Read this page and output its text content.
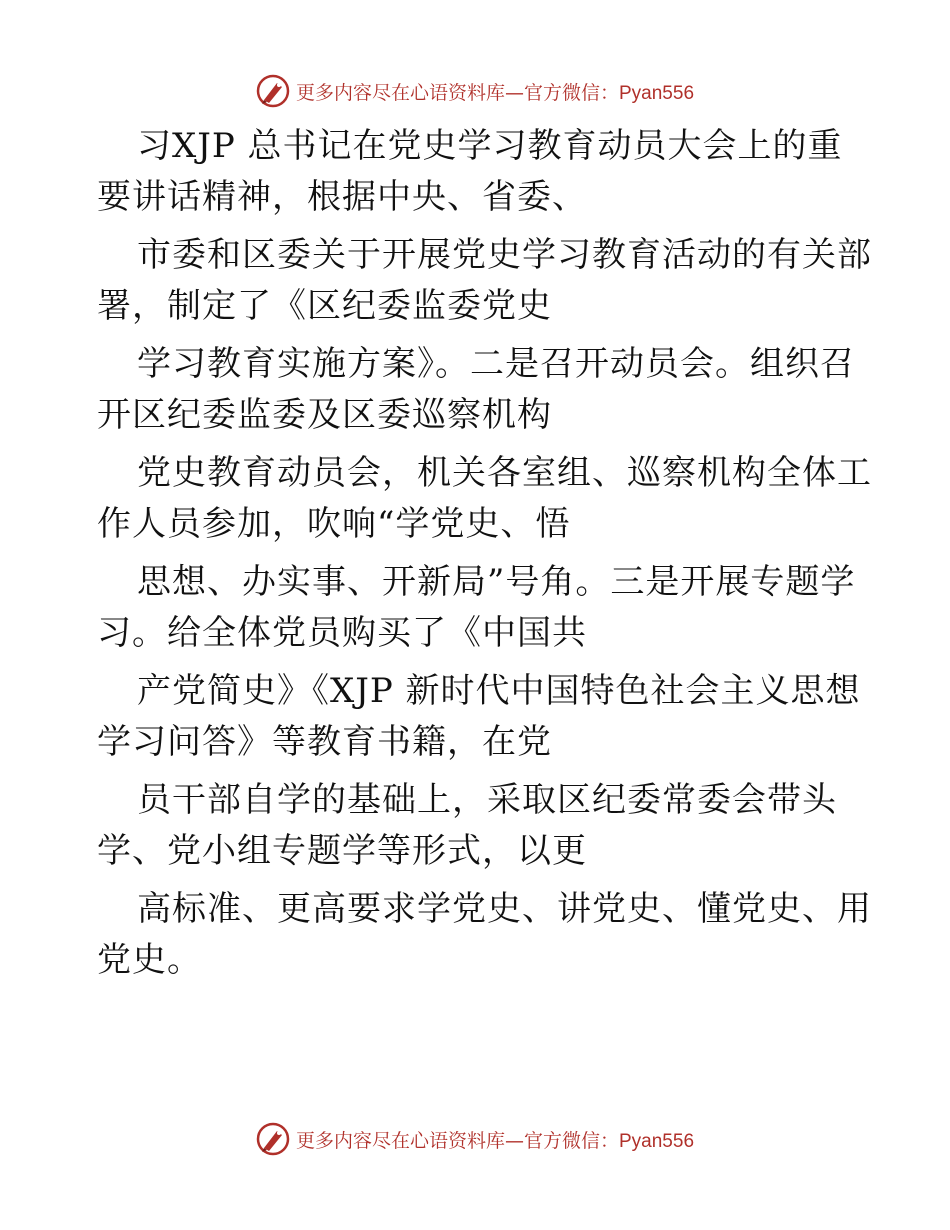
更多内容尽在心语资料库—官方微信：Pyan556
习XJP 总书记在党史学习教育动员大会上的重
要讲话精神，根据中央、省委、
市委和区委关于开展党史学习教育活动的有关部
署，制定了《区纪委监委党史
学习教育实施方案》。二是召开动员会。组织召
开区纪委监委及区委巡察机构
党史教育动员会，机关各室组、巡察机构全体工
作人员参加，吹响“学党史、悟
思想、办实事、开新局”号角。三是开展专题学
习。给全体党员购买了《中国共
产党简史》《XJP 新时代中国特色社会主义思想
学习问答》等教育书籍，在党
员干部自学的基础上，采取区纪委常委会带头
学、党小组专题学等形式，以更
高标准、更高要求学党史、讲党史、懂党史、用
党史。
更多内容尽在心语资料库—官方微信：Pyan556
